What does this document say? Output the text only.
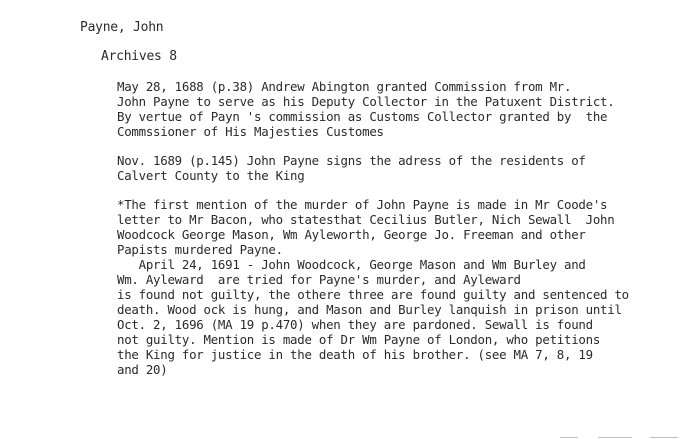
Payne, John
Archives 8
May 28, 1688 (p.38) Andrew Abington granted Commission from Mr.
John Payne to serve as his Deputy Collector in the Patuxent District.
By vertue of Payn 's commission as Customs Collector granted by  the
Commssioner of His Majesties Customes
Nov. 1689 (p.145) John Payne signs the adress of the residents of
Calvert County to the King
*The first mention of the murder of John Payne is made in Mr Coode's
letter to Mr Bacon, who statesthat Cecilius Butler, Nich Sewall  John
Woodcock George Mason, Wm Ayleworth, George Jo. Freeman and other
Papists murdered Payne.
April 24, 1691 - John Woodcock, George Mason and Wm Burley and
Wm. Ayleward  are tried for Payne's murder, and Ayleward
is found not guilty, the othere three are found guilty and sentenced to
death. Wood ock is hung, and Mason and Burley lanquish in prison until
Oct. 2, 1696 (MA 19 p.470) when they are pardoned. Sewall is found
not guilty. Mention is made of Dr Wm Payne of London, who petitions
the King for justice in the death of his brother. (see MA 7, 8, 19
and 20)
